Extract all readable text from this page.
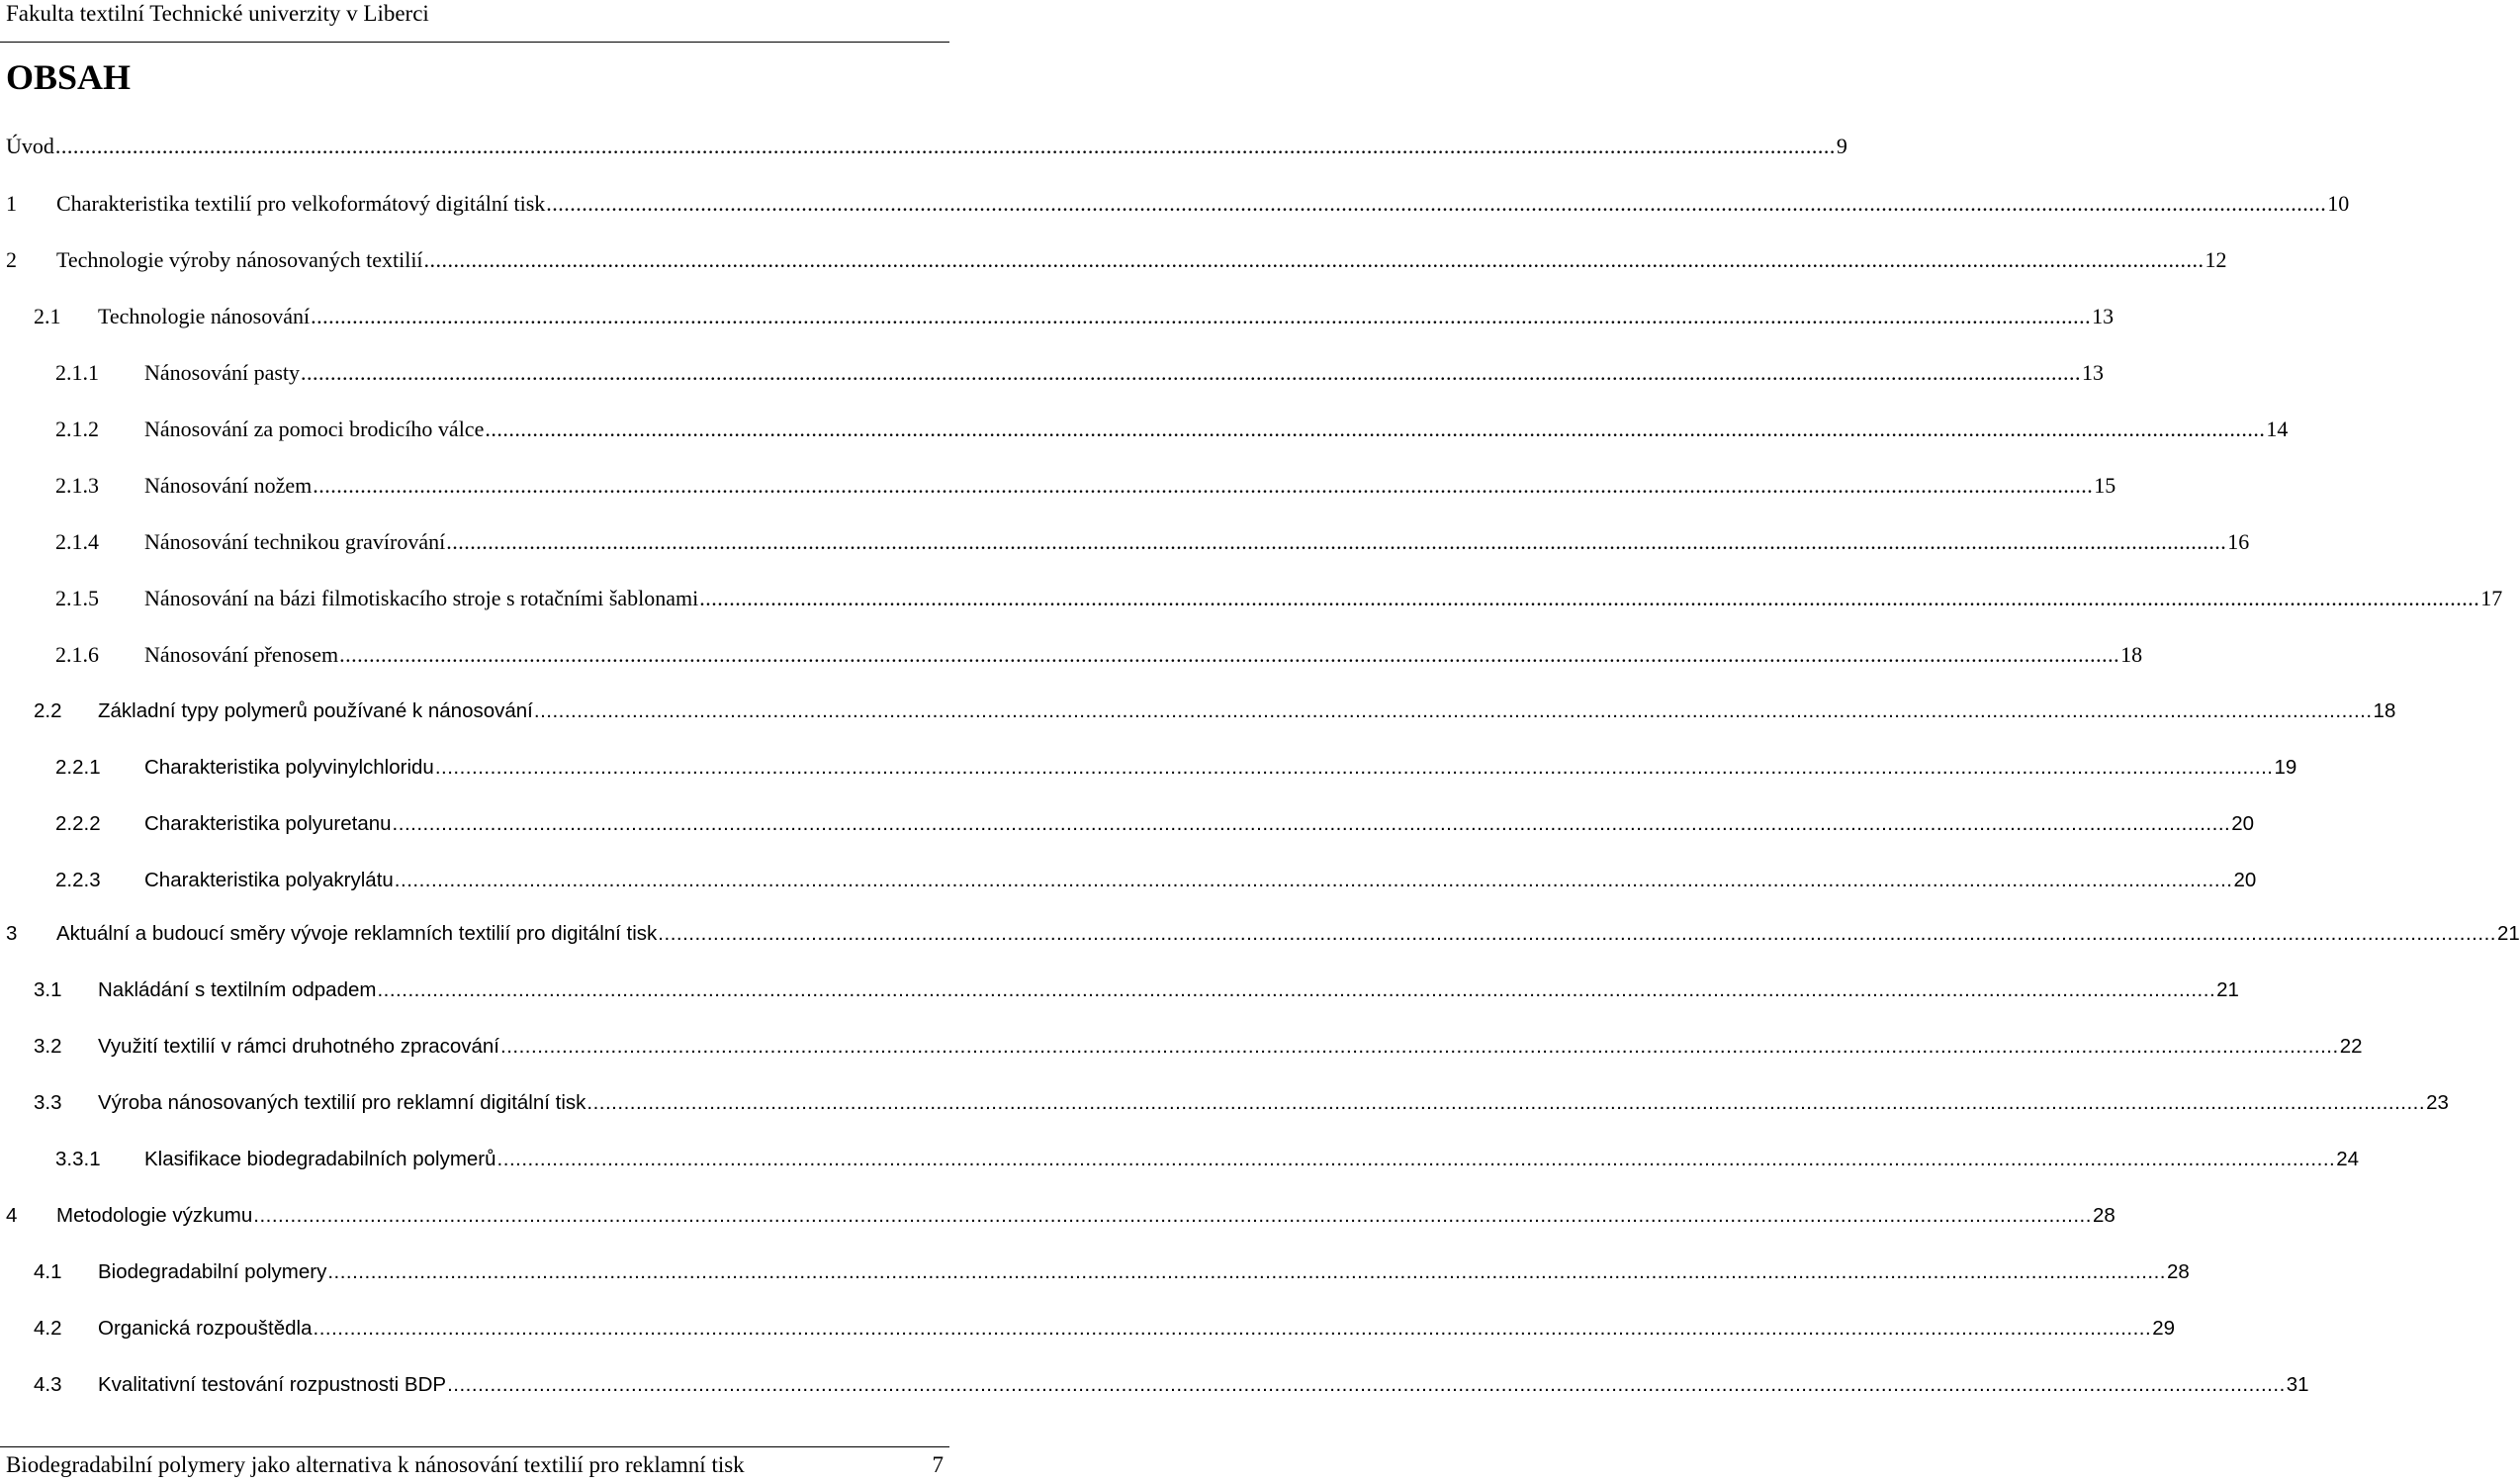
Fakulta textilní Technické univerzity v Liberci
OBSAH
Úvod ............................................................................................................................................................................................................................................................................................................ 9
1 Charakteristika textilií pro velkoformátový digitální tisk ............................................................................................................................................................................................................................................................................................................ 10
2 Technologie výroby nánosovaných textilií ............................................................................................................................................................................................................................................................................................................ 12
2.1 Technologie nánosování ............................................................................................................................................................................................................................................................................................................ 13
2.1.1 Nánosování pasty ............................................................................................................................................................................................................................................................................................................ 13
2.1.2 Nánosování za pomoci brodicího válce ............................................................................................................................................................................................................................................................................................................ 14
2.1.3 Nánosování nožem ............................................................................................................................................................................................................................................................................................................ 15
2.1.4 Nánosování technikou gravírování ............................................................................................................................................................................................................................................................................................................ 16
2.1.5 Nánosování na bázi filmotiskacího stroje s rotačními šablonami ............................................................................................................................................................................................................................................................................................................ 17
2.1.6 Nánosování přenosem ............................................................................................................................................................................................................................................................................................................ 18
2.2 Základní typy polymerů používané k nánosování ............................................................................................................................................................................................................................................................................................................ 18
2.2.1 Charakteristika polyvinylchloridu ............................................................................................................................................................................................................................................................................................................ 19
2.2.2 Charakteristika polyuretanu ............................................................................................................................................................................................................................................................................................................ 20
2.2.3 Charakteristika polyakrylátu ............................................................................................................................................................................................................................................................................................................ 20
3 Aktuální a budoucí směry vývoje reklamních textilií pro digitální tisk ............................................................................................................................................................................................................................................................................................................ 21
3.1 Nakládání s textilním odpadem ............................................................................................................................................................................................................................................................................................................ 21
3.2 Využití textilií v rámci druhotného zpracování ............................................................................................................................................................................................................................................................................................................ 22
3.3 Výroba nánosovaných textilií pro reklamní digitální tisk ............................................................................................................................................................................................................................................................................................................ 23
3.3.1 Klasifikace biodegradabilních polymerů ............................................................................................................................................................................................................................................................................................................ 24
4 Metodologie výzkumu ............................................................................................................................................................................................................................................................................................................ 28
4.1 Biodegradabilní polymery ............................................................................................................................................................................................................................................................................................................ 28
4.2 Organická rozpouštědla ............................................................................................................................................................................................................................................................................................................ 29
4.3 Kvalitativní testování rozpustnosti BDP ............................................................................................................................................................................................................................................................................................................ 31
Biodegradabilní polymery jako alternativa k nánosování textilií pro reklamní tisk	7
